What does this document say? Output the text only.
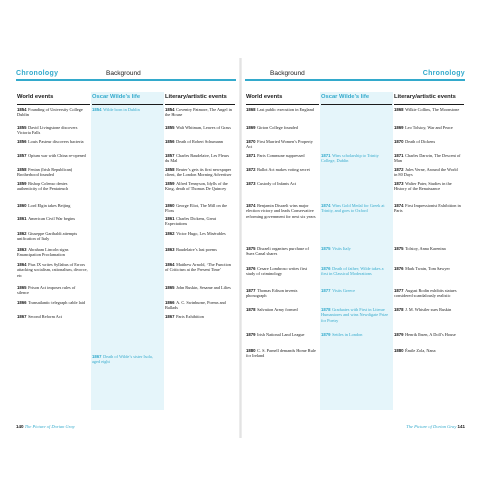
Chronology	Background
World events
1854 Founding of University College Dublin
1855 David Livingstone discovers Victoria Falls
1856 Louis Pasteur discovers bacteria
1857 Opium war with China re-opened
1858 Fenian (Irish Republican) Brotherhood founded
1859 Bishop Colenso denies authenticity of the Pentateuch
1860 Lord Elgin takes Beijing
1861 American Civil War begins
1862 Giuseppe Garibaldi attempts unification of Italy
1863 Abraham Lincoln signs Emancipation Proclamation
1864 Pius IX writes Syllabus of Errors attacking socialism, rationalism, divorce, etc
1865 Prison Act imposes rules of silence
1866 Transatlantic telegraph cable laid
1867 Second Reform Act
Oscar Wilde’s life
1854 Wilde born in Dublin
1867 Death of Wilde’s sister Isola, aged eight
Literary/artistic events
1854 Coventry Patmore, The Angel in the House
1855 Walt Whitman, Leaves of Grass
1856 Death of Robert Schumann
1857 Charles Baudelaire, Les Fleurs du Mal
1858 Reuter’s gets its first newspaper client, the London Morning Advertiser
1859 Alfred Tennyson, Idylls of the King, death of Thomas De Quincey
1860 George Eliot, The Mill on the Floss
1861 Charles Dickens, Great Expectations
1862 Victor Hugo, Les Misérables
1863 Baudelaire’s last poems
1864 Matthew Arnold, ‘The Function of Criticism at the Present Time’
1865 John Ruskin, Sesame and Lilies
1866 A. C. Swinburne, Poems and Ballads
1867 Paris Exhibition
140 The Picture of Dorian Gray
Background	Chronology
World events
1868 Last public execution in England
1869 Girton College founded
1870 First Married Women’s Property Act
1871 Paris Commune suppressed
1872 Ballot Act makes voting secret
1873 Custody of Infants Act
1874 Benjamin Disraeli wins major election victory and leads Conservative reforming government for next six years
1875 Disraeli organises purchase of Suez Canal shares
1876 Cesare Lombroso writes first study of criminology
1877 Thomas Edison invents phonograph
1878 Salvation Army formed
1879 Irish National Land League
1880 C. S. Parnell demands Home Rule for Ireland
Oscar Wilde’s life
1871 Wins scholarship to Trinity College, Dublin
1874 Wins Gold Medal for Greek at Trinity, and goes to Oxford
1875 Visits Italy
1876 Death of father; Wilde takes a first in Classical Moderations
1877 Visits Greece
1878 Graduates with First in Literae Humaniores and wins Newdigate Prize for Poetry
1879 Settles in London
Literary/artistic events
1868 Wilkie Collins, The Moonstone
1869 Leo Tolstoy, War and Peace
1870 Death of Dickens
1871 Charles Darwin, The Descent of Man
1872 Jules Verne, Around the World in 80 Days
1873 Walter Pater, Studies in the History of the Renaissance
1874 First Impressionist Exhibition in Paris
1875 Tolstoy, Anna Karenina
1876 Mark Twain, Tom Sawyer
1877 August Rodin exhibits statues considered scandalously realistic
1878 J. M. Whistler sues Ruskin
1879 Henrik Ibsen, A Doll’s House
1880 Émile Zola, Nana
The Picture of Dorian Gray 141
